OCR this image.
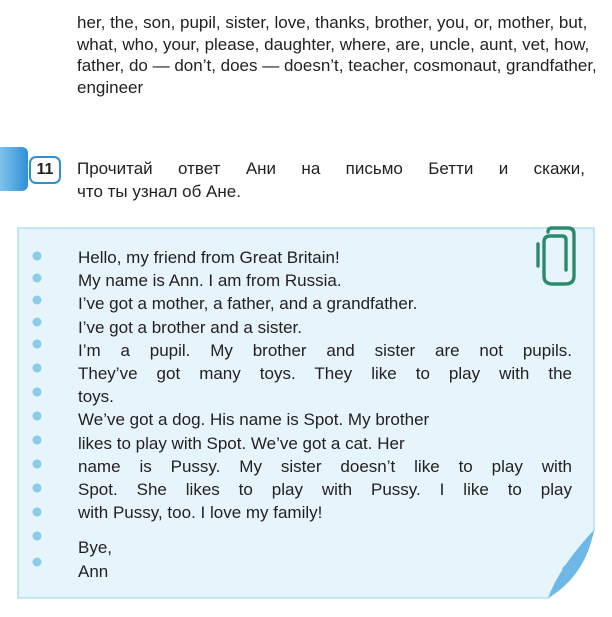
her, the, son, pupil, sister, love, thanks, brother, you, or, mother, but, what, who, your, please, daughter, where, are, uncle, aunt, vet, how, father, do — don’t, does — doesn’t, teacher, cosmonaut, grandfather, engineer

11	Прочитай ответ Ани на письмо Бетти и скажи,
что ты узнал об Ане.

Hello, my friend from Great Britain!

My name is Ann. I am from Russia.

I’ve got a mother, a father, and a grandfather.

I’ve got a brother and a sister.

I’m a pupil. My brother and sister are not pupils.

They’ve got many toys. They like to play with the

toys.

We’ve got a dog. His name is Spot. My brother

likes to play with Spot. We’ve got a cat. Her

name is Pussy. My sister doesn’t like to play with

Spot. She likes to play with Pussy. I like to play

with Pussy, too. I love my family!

Bye,

Ann
